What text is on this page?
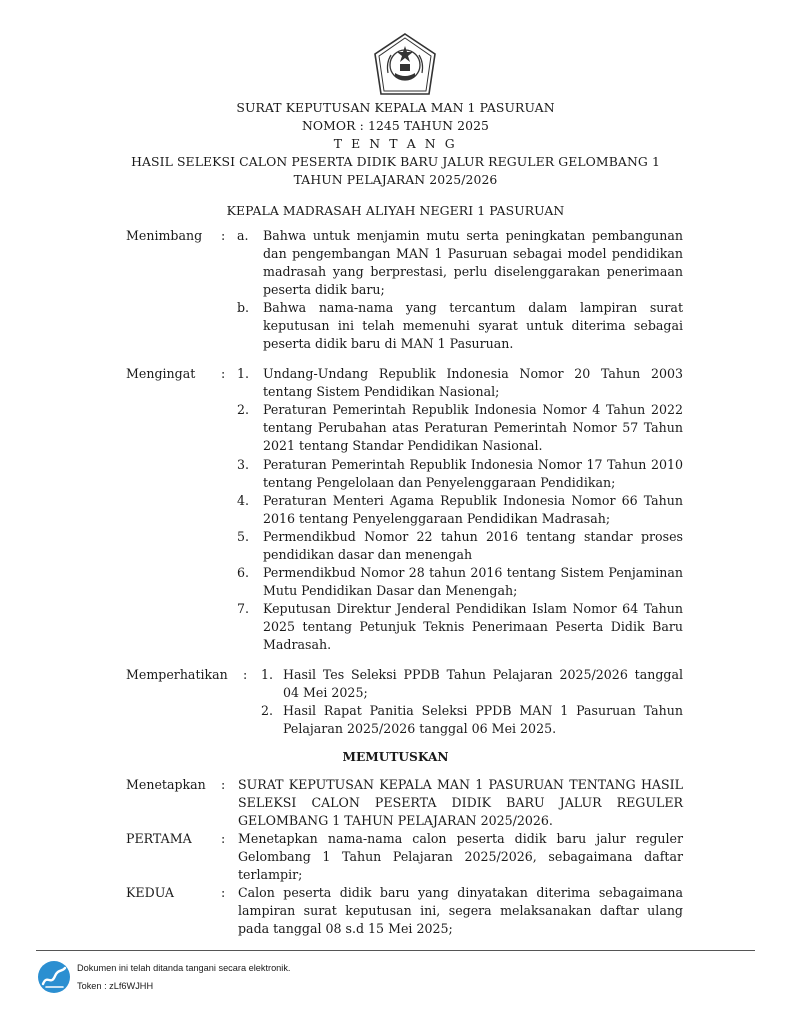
SURAT KEPUTUSAN KEPALA MAN 1 PASURUAN
NOMOR : 1245 TAHUN 2025
T E N T A N G
HASIL SELEKSI CALON PESERTA DIDIK BARU JALUR REGULER GELOMBANG 1
TAHUN PELAJARAN 2025/2026
KEPALA MADRASAH ALIYAH NEGERI 1 PASURUAN
Menimbang : a. Bahwa untuk menjamin mutu serta peningkatan pembangunan dan pengembangan MAN 1 Pasuruan sebagai model pendidikan madrasah yang berprestasi, perlu diselenggarakan penerimaan peserta didik baru;
b. Bahwa nama-nama yang tercantum dalam lampiran surat keputusan ini telah memenuhi syarat untuk diterima sebagai peserta didik baru di MAN 1 Pasuruan.
Mengingat : 1. Undang-Undang Republik Indonesia Nomor 20 Tahun 2003 tentang Sistem Pendidikan Nasional;
2. Peraturan Pemerintah Republik Indonesia Nomor 4 Tahun 2022 tentang Perubahan atas Peraturan Pemerintah Nomor 57 Tahun 2021 tentang Standar Pendidikan Nasional.
3. Peraturan Pemerintah Republik Indonesia Nomor 17 Tahun 2010 tentang Pengelolaan dan Penyelenggaraan Pendidikan;
4. Peraturan Menteri Agama Republik Indonesia Nomor 66 Tahun 2016 tentang Penyelenggaraan Pendidikan Madrasah;
5. Permendikbud Nomor 22 tahun 2016 tentang standar proses pendidikan dasar dan menengah
6. Permendikbud Nomor 28 tahun 2016 tentang Sistem Penjaminan Mutu Pendidikan Dasar dan Menengah;
7. Keputusan Direktur Jenderal Pendidikan Islam Nomor 64 Tahun 2025 tentang Petunjuk Teknis Penerimaan Peserta Didik Baru Madrasah.
Memperhatikan : 1. Hasil Tes Seleksi PPDB Tahun Pelajaran 2025/2026 tanggal 04 Mei 2025;
2. Hasil Rapat Panitia Seleksi PPDB MAN 1 Pasuruan Tahun Pelajaran 2025/2026 tanggal 06 Mei 2025.
MEMUTUSKAN
Menetapkan : SURAT KEPUTUSAN KEPALA MAN 1 PASURUAN TENTANG HASIL SELEKSI CALON PESERTA DIDIK BARU JALUR REGULER GELOMBANG 1 TAHUN PELAJARAN 2025/2026.
PERTAMA : Menetapkan nama-nama calon peserta didik baru jalur reguler Gelombang 1 Tahun Pelajaran 2025/2026, sebagaimana daftar terlampir;
KEDUA	: Calon peserta didik baru yang dinyatakan diterima sebagaimana lampiran surat keputusan ini, segera melaksanakan daftar ulang pada tanggal 08 s.d 15 Mei 2025;
Dokumen ini telah ditanda tangani secara elektronik.
Token : zLf6WJHH
